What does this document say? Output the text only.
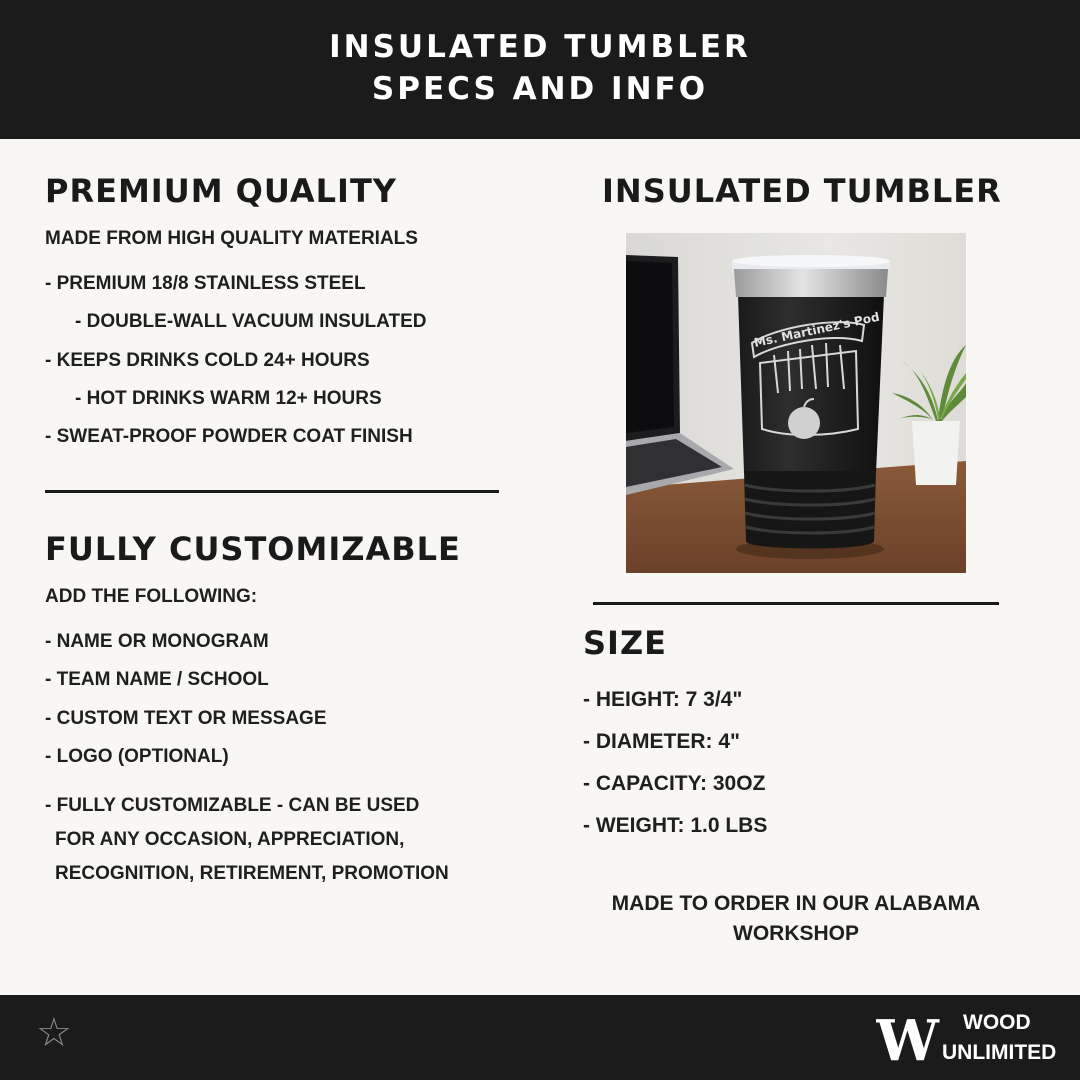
INSULATED TUMBLER
SPECS AND INFO
PREMIUM QUALITY
MADE FROM HIGH QUALITY MATERIALS
- PREMIUM 18/8 STAINLESS STEEL
- DOUBLE-WALL VACUUM INSULATED
- KEEPS DRINKS COLD 24+ HOURS
- HOT DRINKS WARM 12+ HOURS
- SWEAT-PROOF POWDER COAT FINISH
FULLY CUSTOMIZABLE
ADD THE FOLLOWING:
- NAME OR MONOGRAM
- TEAM NAME / SCHOOL
- CUSTOM TEXT OR MESSAGE
- LOGO (OPTIONAL)
- FULLY CUSTOMIZABLE - CAN BE USED
FOR ANY OCCASION, APPRECIATION,
RECOGNITION, RETIREMENT, PROMOTION
INSULATED TUMBLER
Ms. Martinez's Pod
SIZE
- HEIGHT: 7 3/4"
- DIAMETER: 4"
- CAPACITY: 30OZ
- WEIGHT: 1.0 LBS
MADE TO ORDER IN OUR ALABAMA
WORKSHOP
☆	W WOOD
UNLIMITED
